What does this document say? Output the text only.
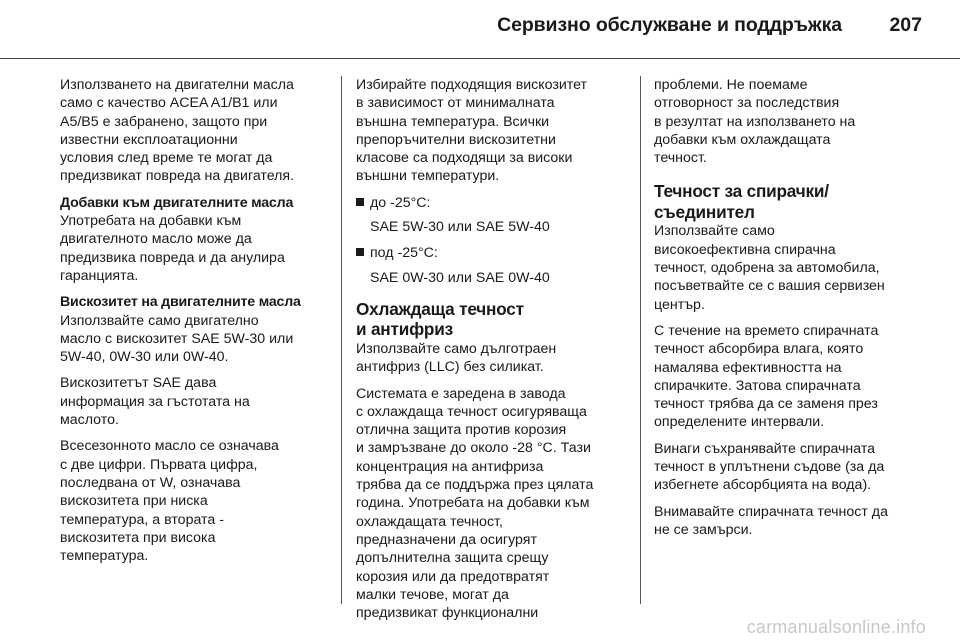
Сервизно обслужване и поддръжка 207

Използването на двигателни масла
само с качество ACEA A1/B1 или
A5/B5 е забранено, защото при
известни експлоатационни
условия след време те могат да
предизвикат повреда на двигателя.

Добавки към двигателните масла

Употребата на добавки към
двигателното масло може да
предизвика повреда и да анулира
гаранцията.

Вискозитет на двигателните масла

Използвайте само двигателно
масло с вискозитет SAE 5W-30 или
5W-40, 0W-30 или 0W-40.

Вискозитетът SAE дава
информация за гъстотата на
маслото.

Всесезонното масло се означава
с две цифри. Първата цифра,
последвана от W, означава
вискозитета при ниска
температура, а втората -
вискозитета при висока
температура.

Избирайте подходящия вискозитет
в зависимост от минималната
външна температура. Всички
препоръчителни вискозитетни
класове са подходящи за високи
външни температури.

до -25°C:
SAE 5W-30 или SAE 5W-40
под -25°C:
SAE 0W-30 или SAE 0W-40
Охлаждаща течност
и антифриз

Използвайте само дълготраен
антифриз (LLC) без силикат.

Системата е заредена в завода
с охлаждаща течност осигуряваща
отлична защита против корозия
и замръзване до около -28 °C. Тази
концентрация на антифриза
трябва да се поддържа през цялата
година. Употребата на добавки към
охлаждащата течност,
предназначени да осигурят
допълнителна защита срещу
корозия или да предотвратят
малки течове, могат да
предизвикат функционални

проблеми. Не поемаме
отговорност за последствия
в резултат на използването на
добавки към охлаждащата
течност.

Течност за спирачки/
съединител

Използвайте само
високоефективна спирачна
течност, одобрена за автомобила,
посъветвайте се с вашия сервизен
център.

С течение на времето спирачната
течност абсорбира влага, която
намалява ефективността на
спирачките. Затова спирачната
течност трябва да се заменя през
определените интервали.

Винаги съхранявайте спирачната
течност в уплътнени съдове (за да
избегнете абсорбцията на вода).

Внимавайте спирачната течност да
не се замърси.

carmanualsonline.info
